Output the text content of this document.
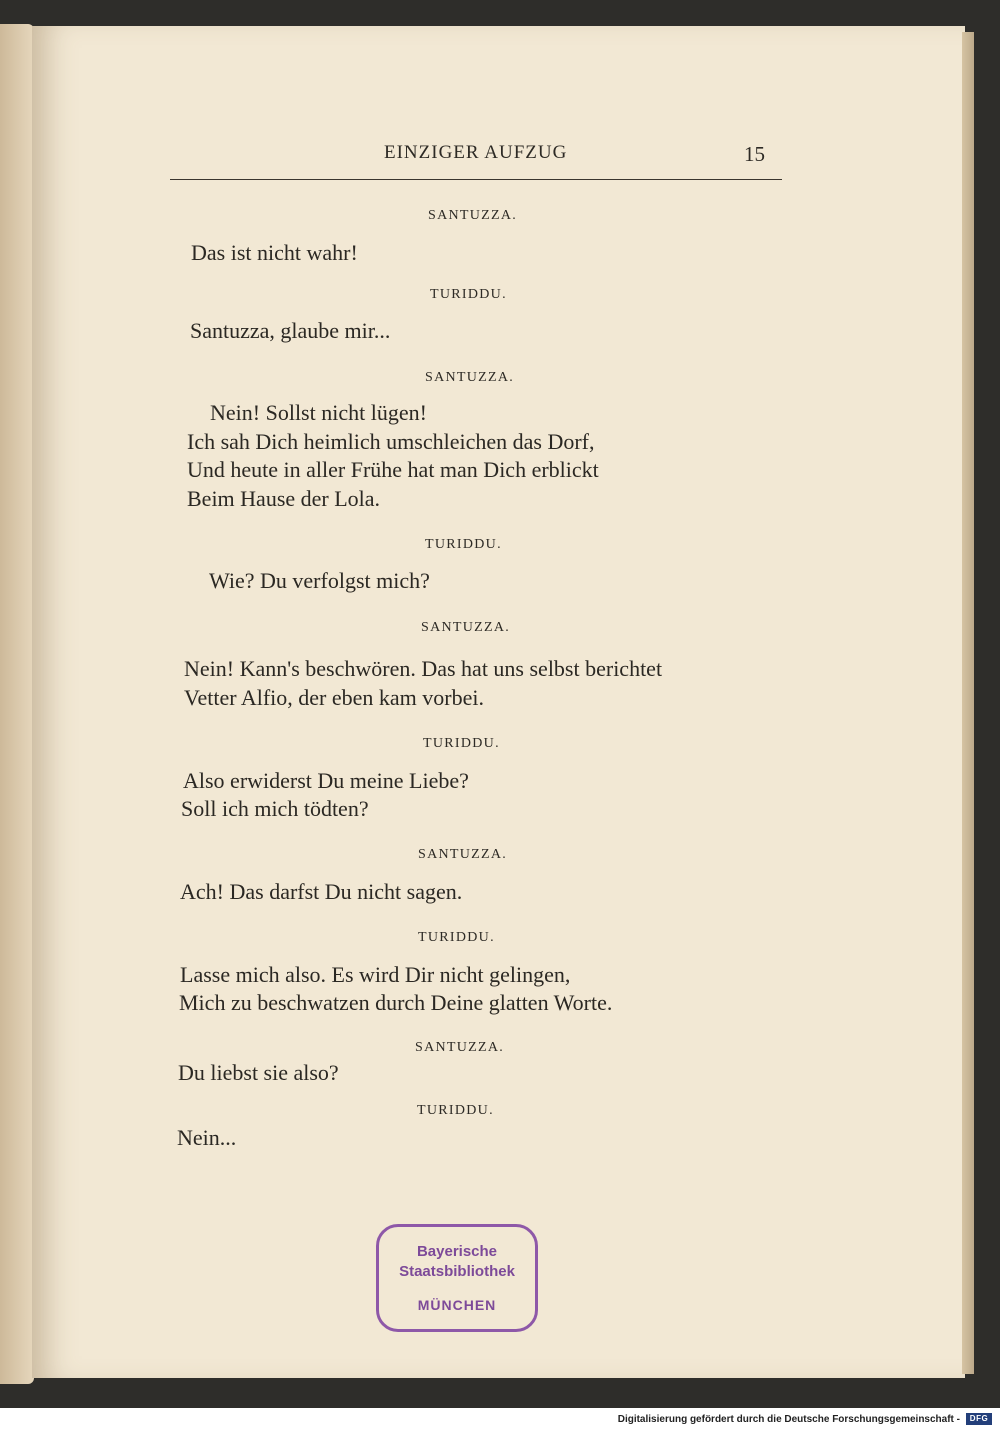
EINZIGER AUFZUG	15
SANTUZZA.
Das ist nicht wahr!
TURIDDU.
Santuzza, glaube mir...
SANTUZZA.
Nein! Sollst nicht lügen!
Ich sah Dich heimlich umschleichen das Dorf,
Und heute in aller Frühe hat man Dich erblickt
Beim Hause der Lola.
TURIDDU.
Wie? Du verfolgst mich?
SANTUZZA.
Nein! Kann's beschwören. Das hat uns selbst berichtet
Vetter Alfio, der eben kam vorbei.
TURIDDU.
Also erwiderst Du meine Liebe?
Soll ich mich tödten?
SANTUZZA.
Ach! Das darfst Du nicht sagen.
TURIDDU.
Lasse mich also. Es wird Dir nicht gelingen,
Mich zu beschwatzen durch Deine glatten Worte.
SANTUZZA.
Du liebst sie also?
TURIDDU.
Nein...
Bayerische
Staatsbibliothek
MÜNCHEN
Digitalisierung gefördert durch die Deutsche Forschungsgemeinschaft -	DFG
